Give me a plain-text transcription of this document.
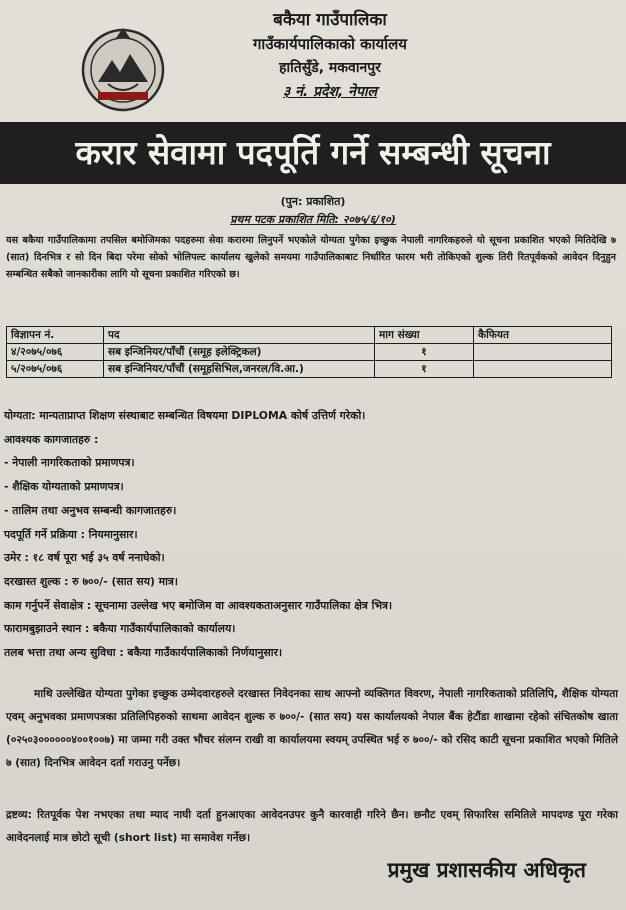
बकैया गाउँपालिका
गाउँकार्यपालिकाको कार्यालय
हातिसुँडे, मकवानपुर
३ नं. प्रदेश, नेपाल
करार सेवामा पदपूर्ति गर्ने सम्बन्धी सूचना
(पुन: प्रकाशित)
प्रथम पटक प्रकाशित मिति: २०७५/६/१०)
यस बकैया गाउँपालिकामा तपसिल बमोजिमका पदहरुमा सेवा करारमा लिनुपर्ने भएकोले योग्यता पुगेका इच्छुक नेपाली नागरिकहरुले यो सूचना प्रकाशित भएको मितिदेखि ७ (सात) दिनभित्र र सो दिन बिदा परेमा सोको भोलिपल्ट कार्यालय खुलेको समयमा गाउँपालिकाबाट निर्धारित फारम भरी तोकिएको शुल्क तिरी रितपूर्वकको आवेदन दिनुहुन सम्बन्धित सबैको जानकारीका लागि यो सूचना प्रकाशित गरिएको छ।
विज्ञापन नं.	पद	माग संख्या	कैफियत
४/२०७५/०७६	सब इन्जिनियर/पाँचौं (समूह इलेक्ट्रिकल)	१	
५/२०७५/०७६	सब इन्जिनियर/पाँचौं (समूहसिभिल,जनरल/वि.आ.)	१	
योग्यता: मान्यताप्राप्त शिक्षण संस्थाबाट सम्बन्धित विषयमा DIPLOMA कोर्ष उत्तिर्ण गरेको।
आवश्यक कागजातहरु :
- नेपाली नागरिकताको प्रमाणपत्र।
- शैक्षिक योग्यताको प्रमाणपत्र।
- तालिम तथा अनुभव सम्बन्धी कागजातहरु।
पदपूर्ति गर्ने प्रक्रिया : नियमानुसार।
उमेर : १८ वर्ष पूरा भई ३५ वर्ष ननाघेको।
दरखास्त शुल्क : रु ७००/- (सात सय) मात्र।
काम गर्नुपर्ने सेवाक्षेत्र : सूचनामा उल्लेख भए बमोजिम वा आवश्यकताअनुसार गाउँपालिका क्षेत्र भित्र।
फारामबुझाउने स्थान : बकैया गाउँकार्यपालिकाको कार्यालय।
तलब भत्ता तथा अन्य सुविधा : बकैया गाउँकार्यपालिकाको निर्णयानुसार।
माथि उल्लेखित योग्यता पुगेका इच्छुक उम्मेदवारहरुले दरखास्त निवेदनका साथ आफ्नो व्यक्तिगत विवरण, नेपाली नागरिकताको प्रतिलिपि, शैक्षिक योग्यता एवम् अनुभवका प्रमाणपत्रका प्रतिलिपिहरुको साथमा आवेदन शुल्क रु ७००/- (सात सय) यस कार्यालयको नेपाल बैंक हेटौंडा शाखामा रहेको संचितकोष खाता (०२५०३००००००४००१००७) मा जम्मा गरी उक्त भौचर संलग्न राखी वा कार्यालयमा स्वयम् उपस्थित भई रु ७००/- को रसिद काटी सूचना प्रकाशित भएको मितिले ७ (सात) दिनभित्र आवेदन दर्ता गराउनु पर्नेछ।
द्रष्टव्य: रितपूर्वक पेश नभएका तथा म्याद नाघी दर्ता हुनआएका आवेदनउपर कुनै कारवाही गरिने छैन। छनौट एवम् सिफारिस समितिले मापदण्ड पूरा गरेका आवेदनलाई मात्र छोटो सूची (short list) मा समावेश गर्नेछ।
प्रमुख प्रशासकीय अधिकृत
